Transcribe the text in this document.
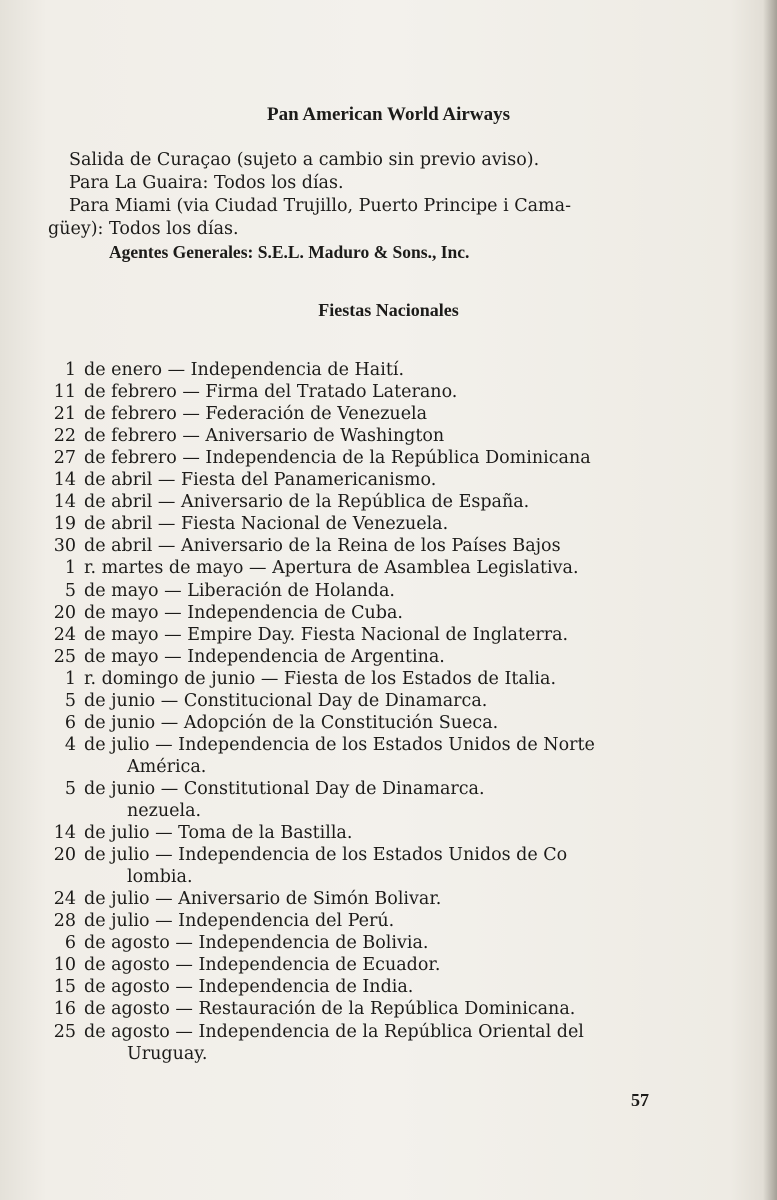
Pan American World Airways
Salida de Curaçao (sujeto a cambio sin previo aviso).
Para La Guaira: Todos los días.
Para Miami (via Ciudad Trujillo, Puerto Principe i Cama-
güey): Todos los días.
Agentes Generales: S.E.L. Maduro & Sons., Inc.
Fiestas Nacionales
1 de enero — Independencia de Haití.
11 de febrero — Firma del Tratado Laterano.
21 de febrero — Federación de Venezuela
22 de febrero — Aniversario de Washington
27 de febrero — Independencia de la República Dominicana
14 de abril — Fiesta del Panamericanismo.
14 de abril — Aniversario de la República de España.
19 de abril — Fiesta Nacional de Venezuela.
30 de abril — Aniversario de la Reina de los Países Bajos
1 r. martes de mayo — Apertura de Asamblea Legislativa.
5 de mayo — Liberación de Holanda.
20 de mayo — Independencia de Cuba.
24 de mayo — Empire Day. Fiesta Nacional de Inglaterra.
25 de mayo — Independencia de Argentina.
1 r. domingo de junio — Fiesta de los Estados de Italia.
5 de junio — Constitucional Day de Dinamarca.
6 de junio — Adopción de la Constitución Sueca.
4 de julio — Independencia de los Estados Unidos de Norte
América.
5 de junio — Constitutional Day de Dinamarca.
nezuela.
14 de julio — Toma de la Bastilla.
20 de julio — Independencia de los Estados Unidos de Co
lombia.
24 de julio — Aniversario de Simón Bolivar.
28 de julio — Independencia del Perú.
6 de agosto — Independencia de Bolivia.
10 de agosto — Independencia de Ecuador.
15 de agosto — Independencia de India.
16 de agosto — Restauración de la República Dominicana.
25 de agosto — Independencia de la República Oriental del
Uruguay.
57
